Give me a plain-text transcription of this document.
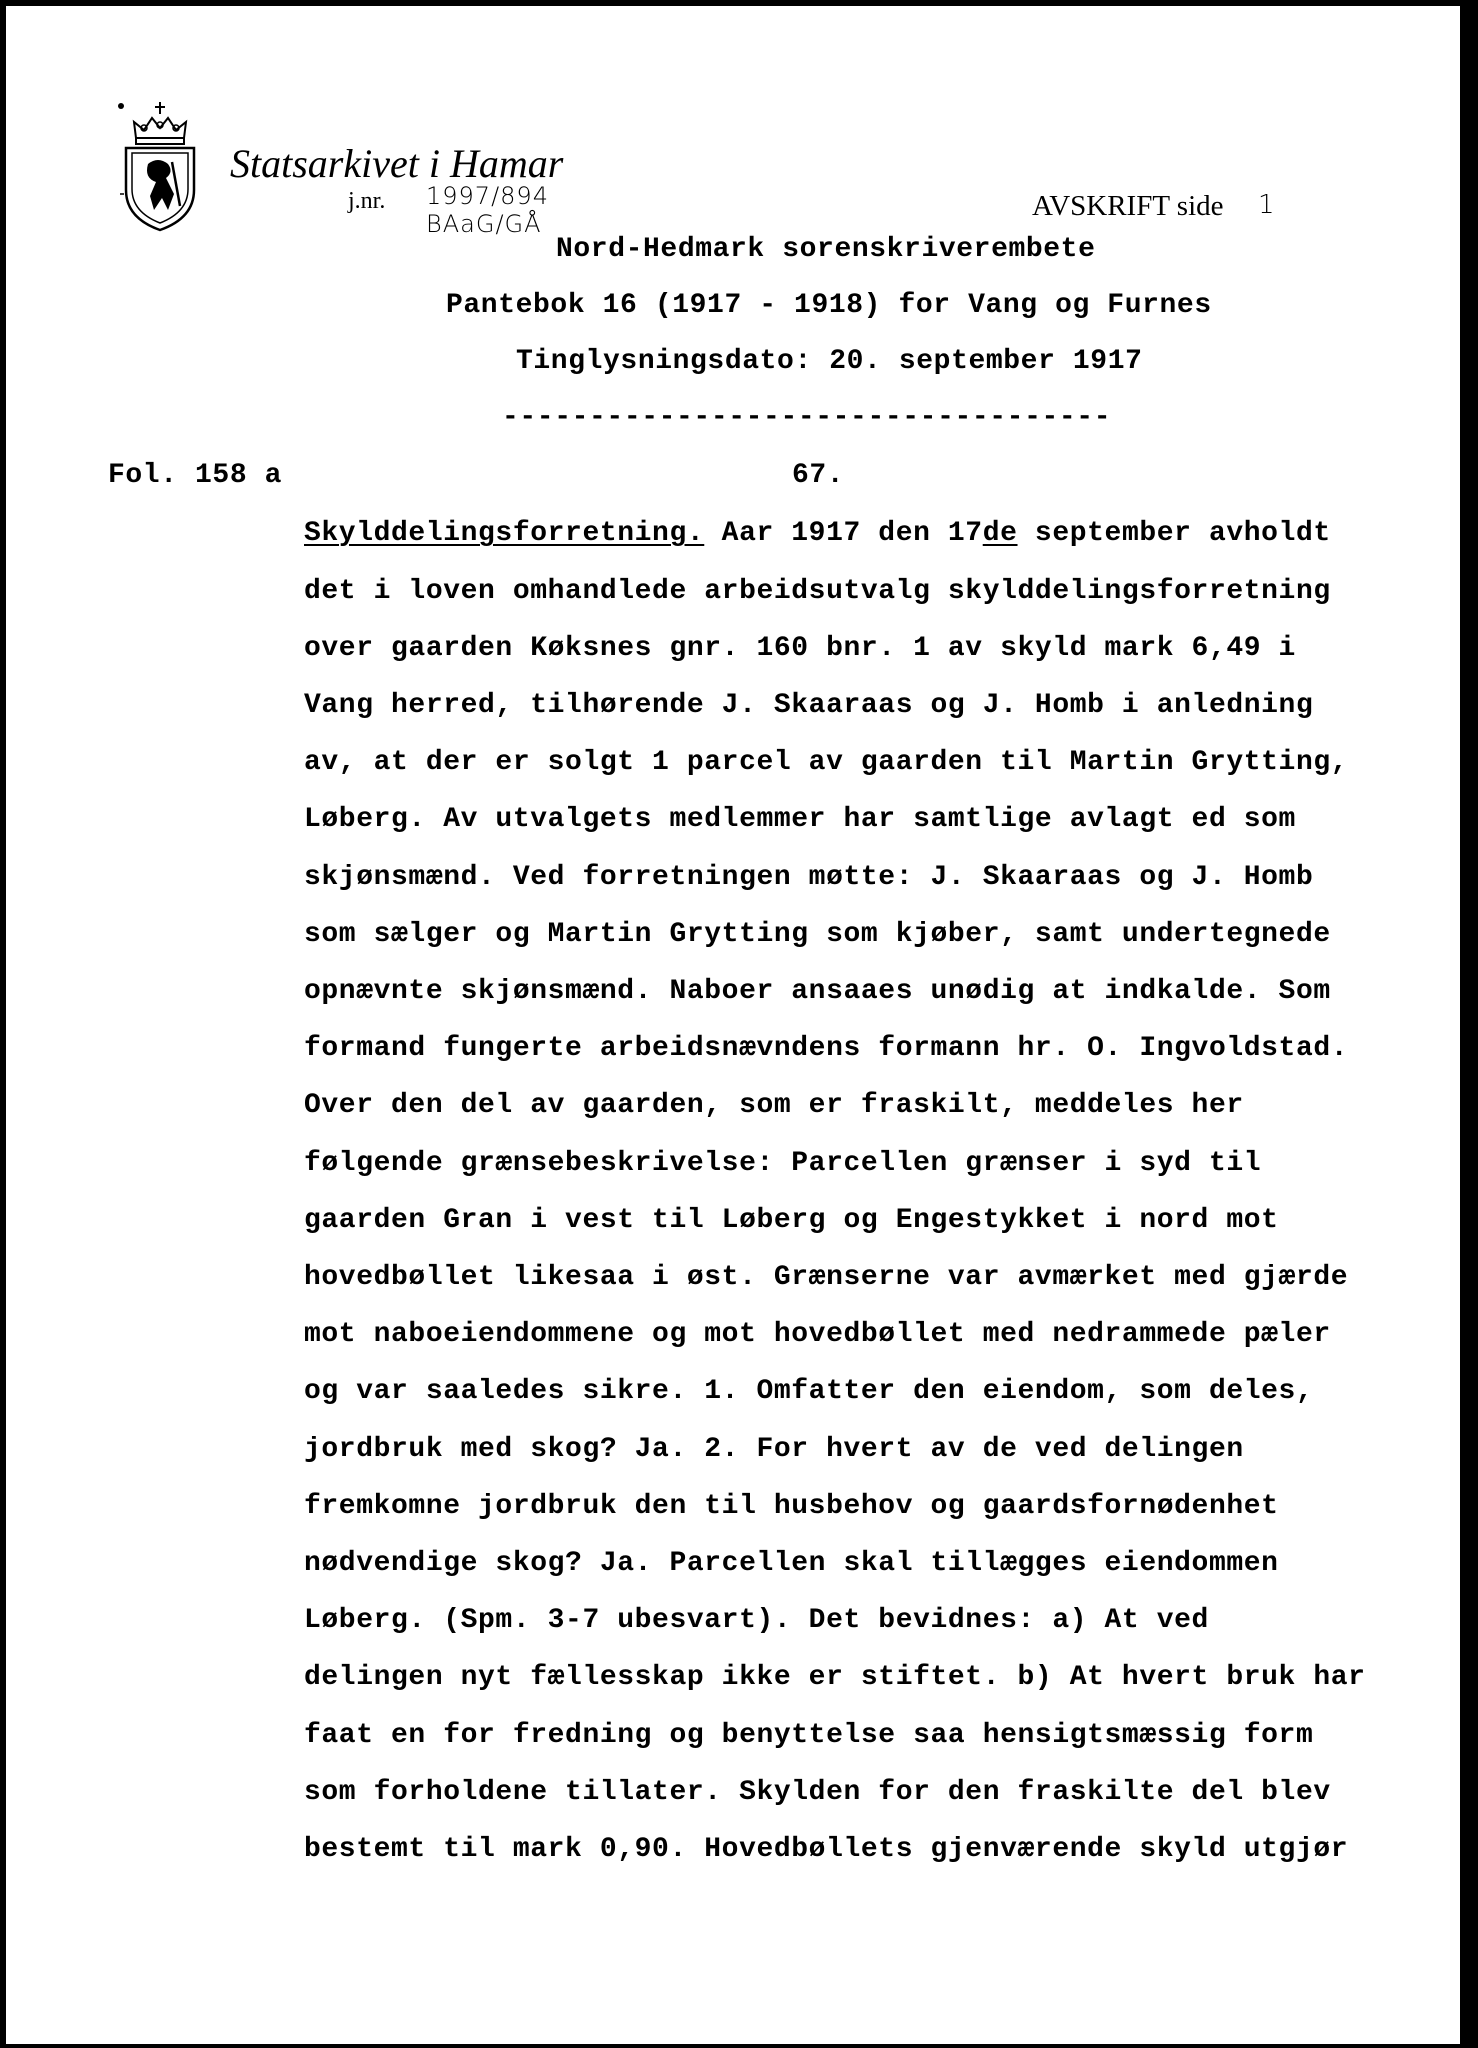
Statsarkivet i Hamar
j.nr. 1997/894
BAaG/GÅ
AVSKRIFT side 1
Nord-Hedmark sorenskriverembete
Pantebok 16 (1917 - 1918) for Vang og Furnes
Tinglysningsdato: 20. september 1917
-----------------------------------
Fol. 158 a	67.
Skylddelingsforretning. Aar 1917 den 17de september avholdt
det i loven omhandlede arbeidsutvalg skylddelingsforretning
over gaarden Køksnes gnr. 160 bnr. 1 av skyld mark 6,49 i
Vang herred, tilhørende J. Skaaraas og J. Homb i anledning
av, at der er solgt 1 parcel av gaarden til Martin Grytting,
Løberg. Av utvalgets medlemmer har samtlige avlagt ed som
skjønsmænd. Ved forretningen møtte: J. Skaaraas og J. Homb
som sælger og Martin Grytting som kjøber, samt undertegnede
opnævnte skjønsmænd. Naboer ansaaes unødig at indkalde. Som
formand fungerte arbeidsnævndens formann hr. O. Ingvoldstad.
Over den del av gaarden, som er fraskilt, meddeles her
følgende grænsebeskrivelse: Parcellen grænser i syd til
gaarden Gran i vest til Løberg og Engestykket i nord mot
hovedbøllet likesaa i øst. Grænserne var avmærket med gjærde
mot naboeiendommene og mot hovedbøllet med nedrammede pæler
og var saaledes sikre. 1. Omfatter den eiendom, som deles,
jordbruk med skog? Ja. 2. For hvert av de ved delingen
fremkomne jordbruk den til husbehov og gaardsfornødenhet
nødvendige skog? Ja. Parcellen skal tillægges eiendommen
Løberg. (Spm. 3-7 ubesvart). Det bevidnes: a) At ved
delingen nyt fællesskap ikke er stiftet. b) At hvert bruk har
faat en for fredning og benyttelse saa hensigtsmæssig form
som forholdene tillater. Skylden for den fraskilte del blev
bestemt til mark 0,90. Hovedbøllets gjenværende skyld utgjør
